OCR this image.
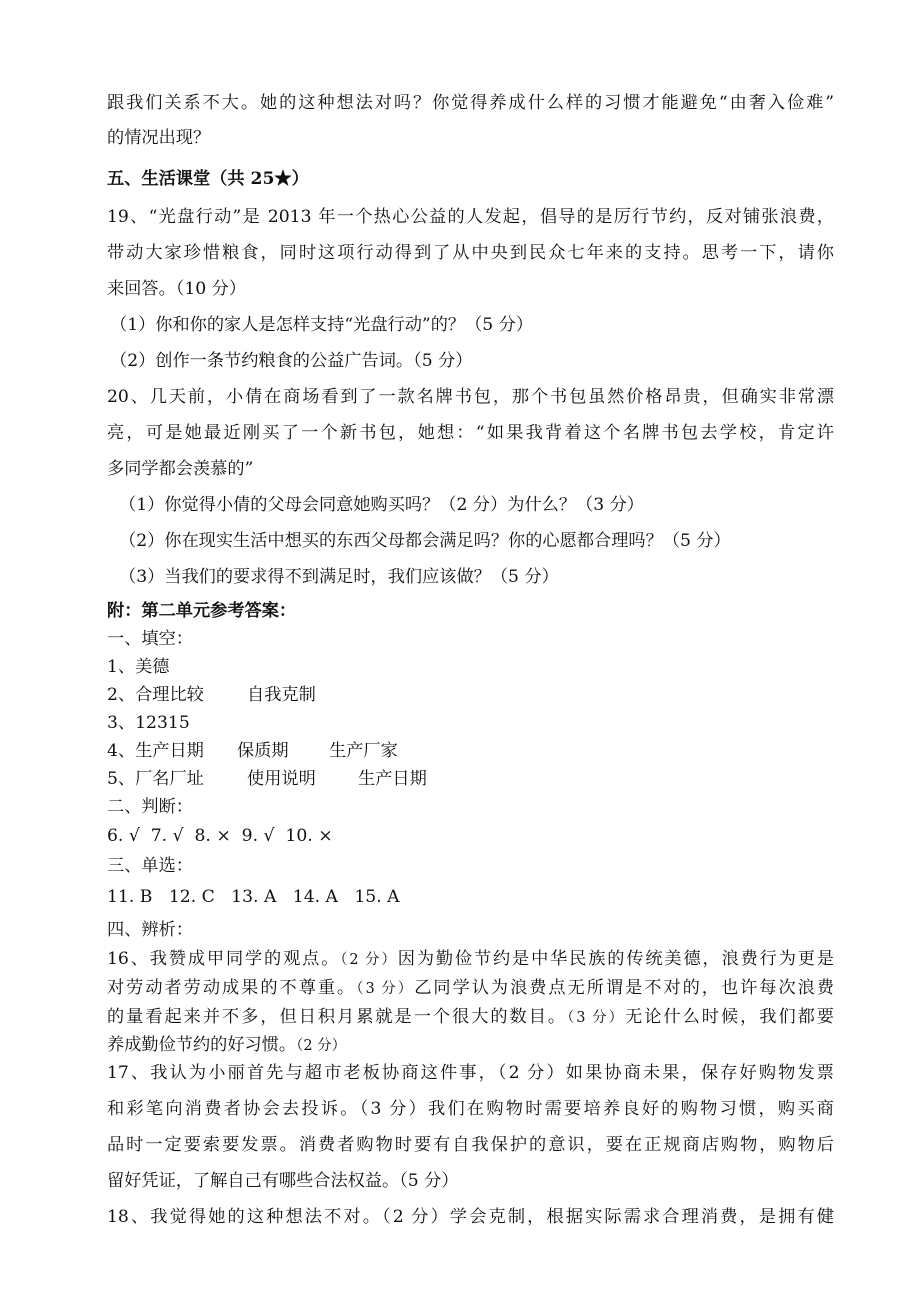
跟我们关系不大。她的这种想法对吗？你觉得养成什么样的习惯才能避免“由奢入俭难”
的情况出现？
五、生活课堂（共 25★）
19、“光盘行动”是 2013 年一个热心公益的人发起，倡导的是厉行节约，反对铺张浪费，
带动大家珍惜粮食，同时这项行动得到了从中央到民众七年来的支持。思考一下，请你
来回答。（10 分）
（1）你和你的家人是怎样支持“光盘行动”的？（5 分）
（2）创作一条节约粮食的公益广告词。（5 分）
20、几天前，小倩在商场看到了一款名牌书包，那个书包虽然价格昂贵，但确实非常漂
亮，可是她最近刚买了一个新书包，她想：“如果我背着这个名牌书包去学校，肯定许
多同学都会羡慕的”
（1）你觉得小倩的父母会同意她购买吗？（2 分）为什么？（3 分）
（2）你在现实生活中想买的东西父母都会满足吗？你的心愿都合理吗？（5 分）
（3）当我们的要求得不到满足时，我们应该做？（5 分）
附：第二单元参考答案：
一、填空：
1、美德
2、合理比较	自我克制
3、12315
4、生产日期 保质期 生产厂家
5、厂名厂址	使用说明 生产日期
二、判断：
6. √  7. √  8. ×  9. √  10. ×
三、单选：
11. B   12. C   13. A   14. A   15. A
四、辨析：
16、我赞成甲同学的观点。（2 分）因为勤俭节约是中华民族的传统美德，浪费行为更是
对劳动者劳动成果的不尊重。（3 分）乙同学认为浪费点无所谓是不对的，也许每次浪费
的量看起来并不多，但日积月累就是一个很大的数目。（3 分）无论什么时候，我们都要
养成勤俭节约的好习惯。（2 分）
17、我认为小丽首先与超市老板协商这件事，（2 分）如果协商未果，保存好购物发票
和彩笔向消费者协会去投诉。（3 分）我们在购物时需要培养良好的购物习惯，购买商
品时一定要索要发票。消费者购物时要有自我保护的意识，要在正规商店购物，购物后
留好凭证，了解自己有哪些合法权益。（5 分）
18、我觉得她的这种想法不对。（2 分）学会克制，根据实际需求合理消费，是拥有健
